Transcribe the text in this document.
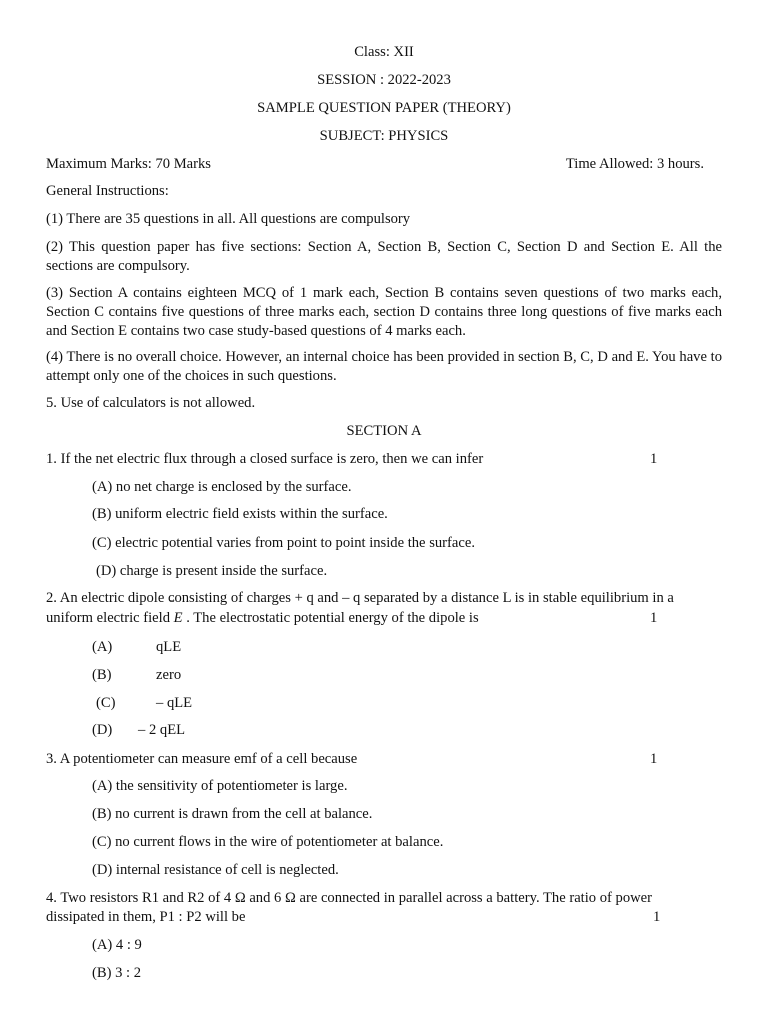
Class: XII
SESSION : 2022-2023
SAMPLE QUESTION PAPER (THEORY)
SUBJECT: PHYSICS
Maximum Marks: 70 Marks	Time Allowed: 3 hours.
General Instructions:
(1) There are 35 questions in all. All questions are compulsory
(2) This question paper has five sections: Section A, Section B, Section C, Section D and Section E. All the sections are compulsory.
(3) Section A contains eighteen MCQ of 1 mark each, Section B contains seven questions of two marks each, Section C contains five questions of three marks each, section D contains three long questions of five marks each and Section E contains two case study-based questions of 4 marks each.
(4) There is no overall choice. However, an internal choice has been provided in section B, C, D and E. You have to attempt only one of the choices in such questions.
5. Use of calculators is not allowed.
SECTION A
1. If the net electric flux through a closed surface is zero, then we can infer	1
(A) no net charge is enclosed by the surface.
(B) uniform electric field exists within the surface.
(C) electric potential varies from point to point inside the surface.
(D) charge is present inside the surface.
2. An electric dipole consisting of charges + q and – q separated by a distance L is in stable equilibrium in a
uniform electric field
E . The electrostatic potential energy of the dipole is	1
(A)	qLE
(B)	zero
(C)	– qLE
(D) – 2 qEL
3. A potentiometer can measure emf of a cell because	1
(A) the sensitivity of potentiometer is large.
(B) no current is drawn from the cell at balance.
(C) no current flows in the wire of potentiometer at balance.
(D) internal resistance of cell is neglected.
4. Two resistors R1 and R2 of 4 Ω and 6 Ω are connected in parallel across a battery. The ratio of power
dissipated in them, P1 : P2 will be	1
(A) 4 : 9
(B) 3 : 2
